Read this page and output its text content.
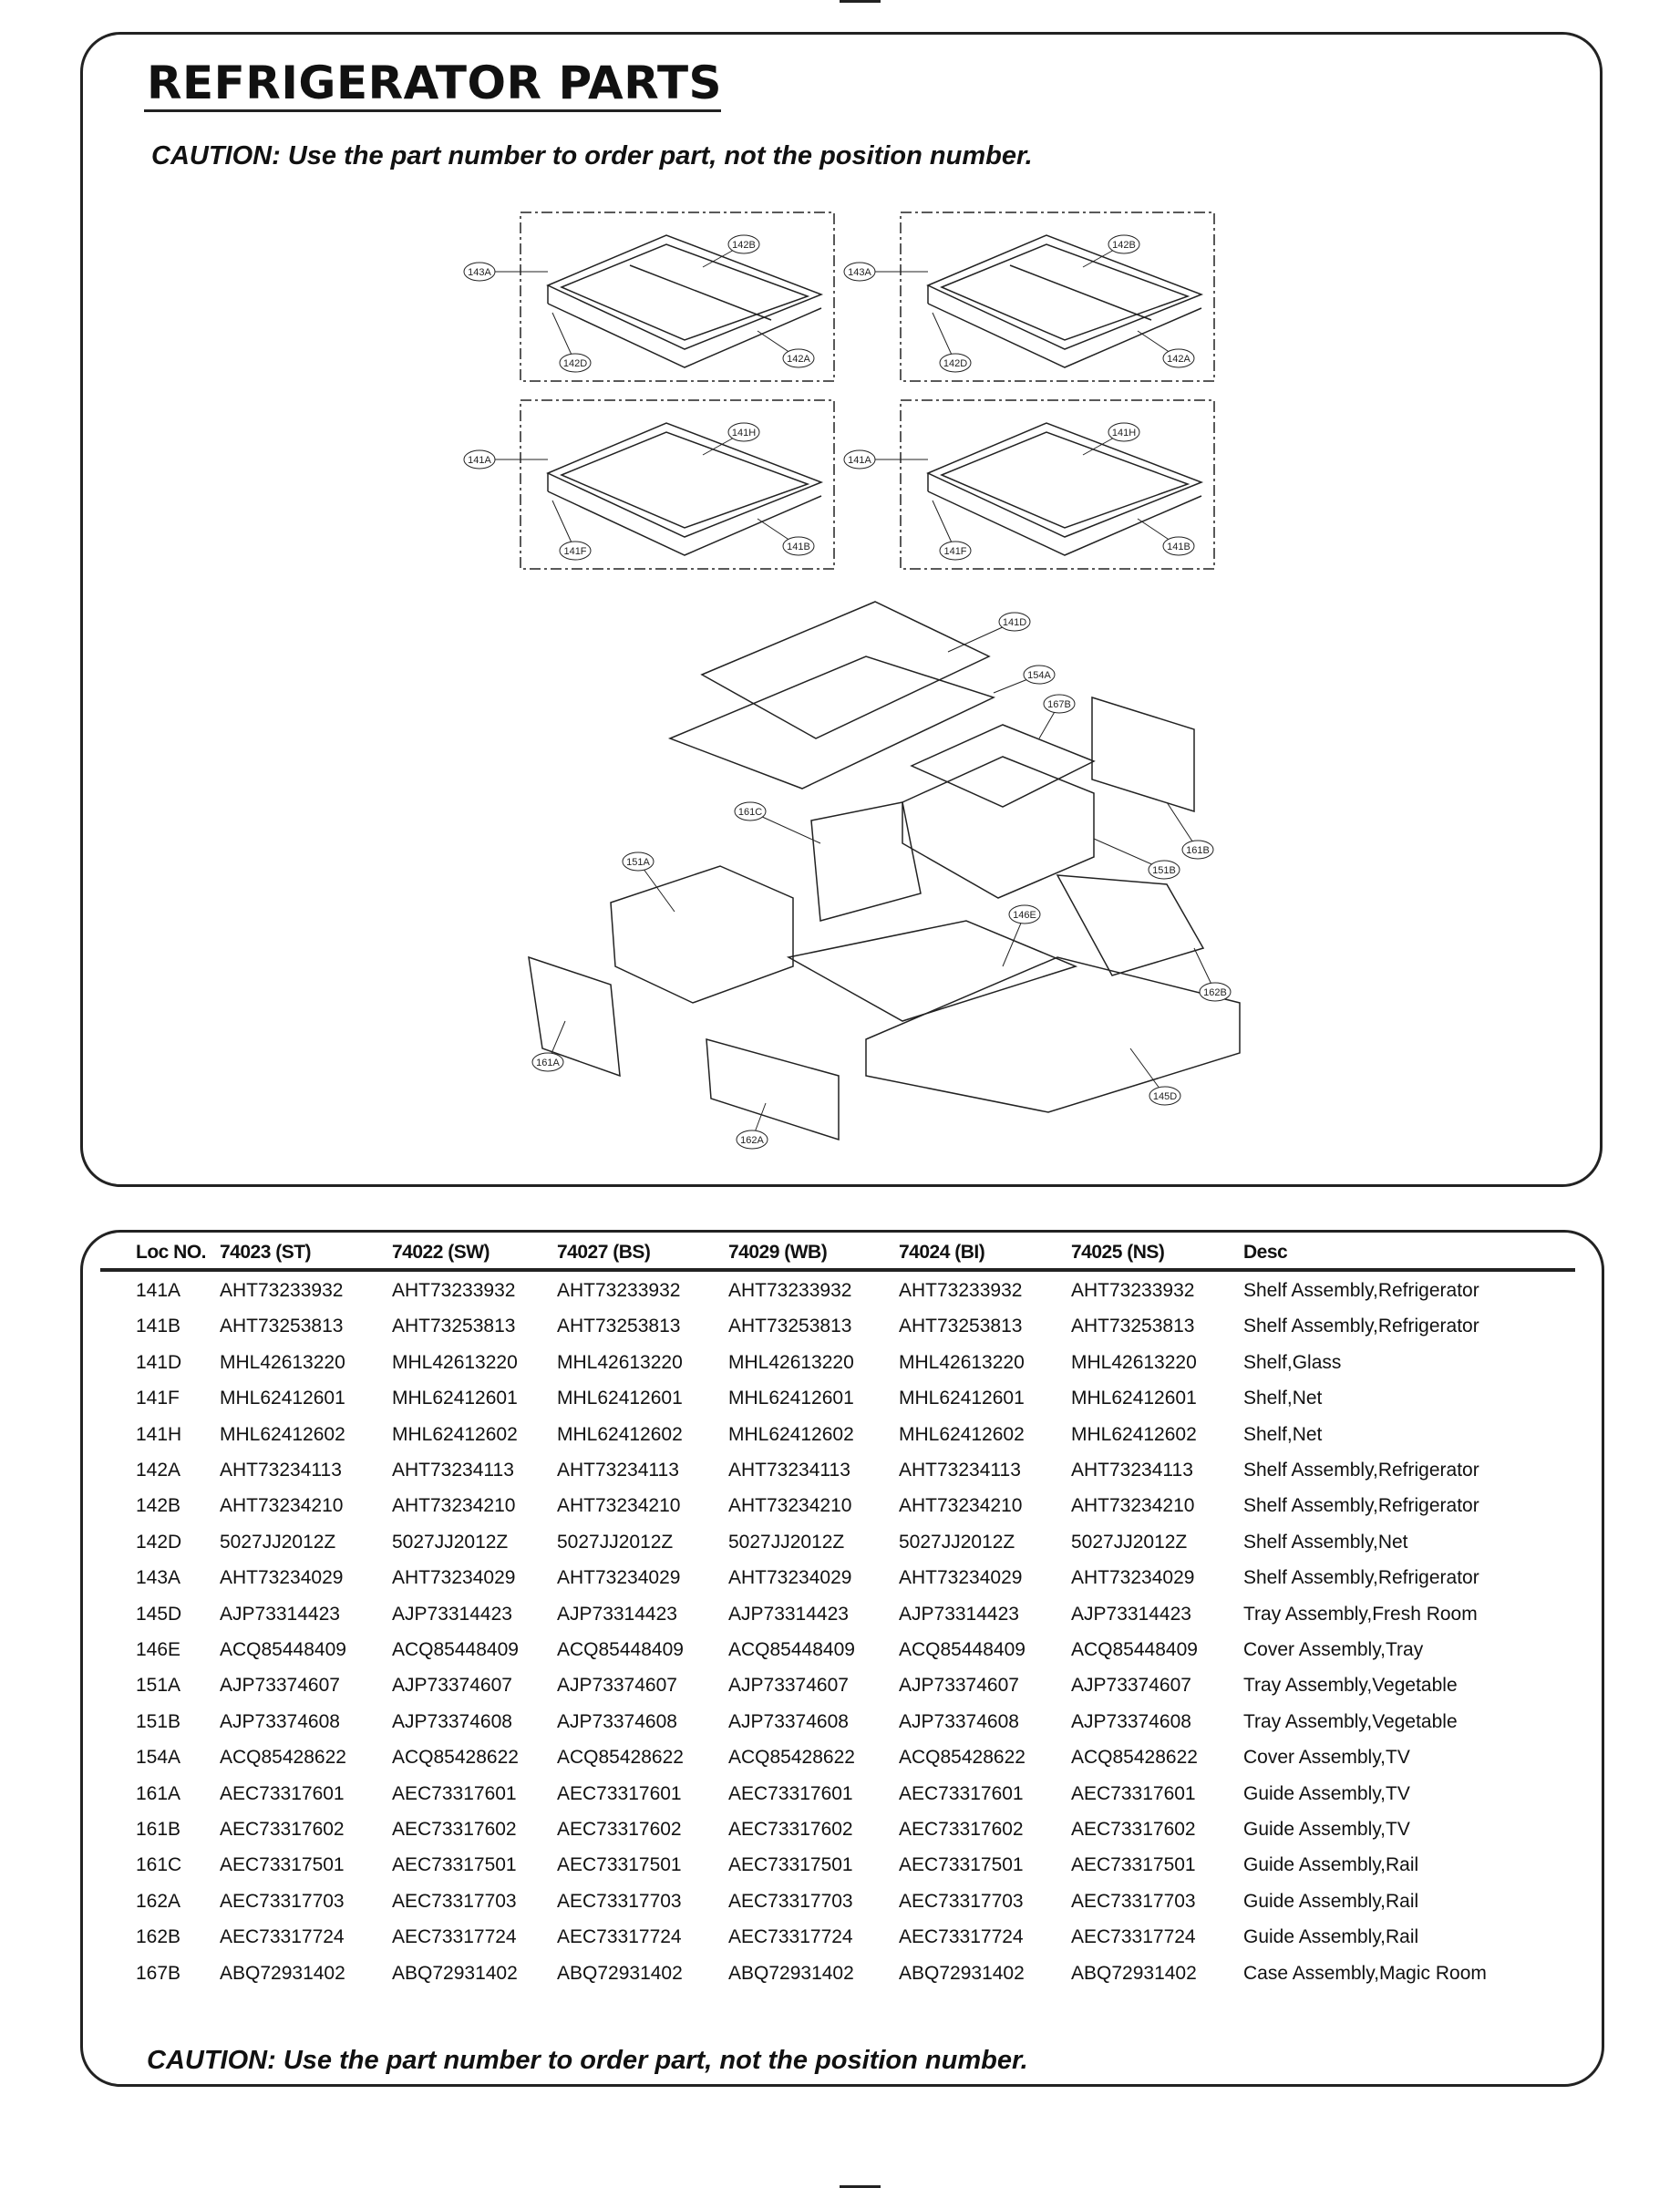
REFRIGERATOR PARTS
CAUTION: Use the part number to order part, not the position number.
143A
142B
142D	142A
143A
142B
142D	142A
141A
141H
141F	141B
141A
141H
141F	141B
141D
154A
167B
161C
151A
161B
151B
146E
162B
161A
145D
162A
Loc NO. 74023 (ST)	74022 (SW)	74027 (BS)	74029 (WB)	74024 (BI)	74025 (NS)	Desc
141A AHT73233932	AHT73233932 AHT73233932	AHT73233932 AHT73233932	AHT73233932	Shelf Assembly,Refrigerator
141B AHT73253813	AHT73253813 AHT73253813	AHT73253813 AHT73253813	AHT73253813	Shelf Assembly,Refrigerator
141D MHL42613220 MHL42613220 MHL42613220 MHL42613220 MHL42613220 MHL42613220 Shelf,Glass
141F MHL62412601 MHL62412601 MHL62412601 MHL62412601 MHL62412601 MHL62412601 Shelf,Net
141H MHL62412602 MHL62412602 MHL62412602 MHL62412602 MHL62412602 MHL62412602 Shelf,Net
142A AHT73234113	AHT73234113 AHT73234113	AHT73234113	AHT73234113	AHT73234113	Shelf Assembly,Refrigerator
142B AHT73234210	AHT73234210 AHT73234210	AHT73234210 AHT73234210	AHT73234210	Shelf Assembly,Refrigerator
142D 5027JJ2012Z	5027JJ2012Z	5027JJ2012Z	5027JJ2012Z	5027JJ2012Z	5027JJ2012Z	Shelf Assembly,Net
143A AHT73234029	AHT73234029 AHT73234029	AHT73234029 AHT73234029	AHT73234029	Shelf Assembly,Refrigerator
145D AJP73314423	AJP73314423 AJP73314423	AJP73314423	AJP73314423	AJP73314423	Tray Assembly,Fresh Room
146E ACQ85448409 ACQ85448409 ACQ85448409 ACQ85448409 ACQ85448409 ACQ85448409 Cover Assembly,Tray
151A AJP73374607	AJP73374607 AJP73374607	AJP73374607	AJP73374607	AJP73374607	Tray Assembly,Vegetable
151B AJP73374608	AJP73374608 AJP73374608	AJP73374608	AJP73374608	AJP73374608	Tray Assembly,Vegetable
154A ACQ85428622 ACQ85428622 ACQ85428622 ACQ85428622 ACQ85428622 ACQ85428622 Cover Assembly,TV
161A AEC73317601 AEC73317601 AEC73317601 AEC73317601 AEC73317601 AEC73317601 Guide Assembly,TV
161B AEC73317602 AEC73317602 AEC73317602 AEC73317602 AEC73317602 AEC73317602 Guide Assembly,TV
161C AEC73317501 AEC73317501 AEC73317501 AEC73317501 AEC73317501 AEC73317501 Guide Assembly,Rail
162A AEC73317703 AEC73317703 AEC73317703 AEC73317703 AEC73317703 AEC73317703 Guide Assembly,Rail
162B AEC73317724 AEC73317724 AEC73317724 AEC73317724 AEC73317724 AEC73317724 Guide Assembly,Rail
167B ABQ72931402 ABQ72931402 ABQ72931402 ABQ72931402 ABQ72931402 ABQ72931402 Case Assembly,Magic Room
CAUTION: Use the part number to order part, not the position number.
